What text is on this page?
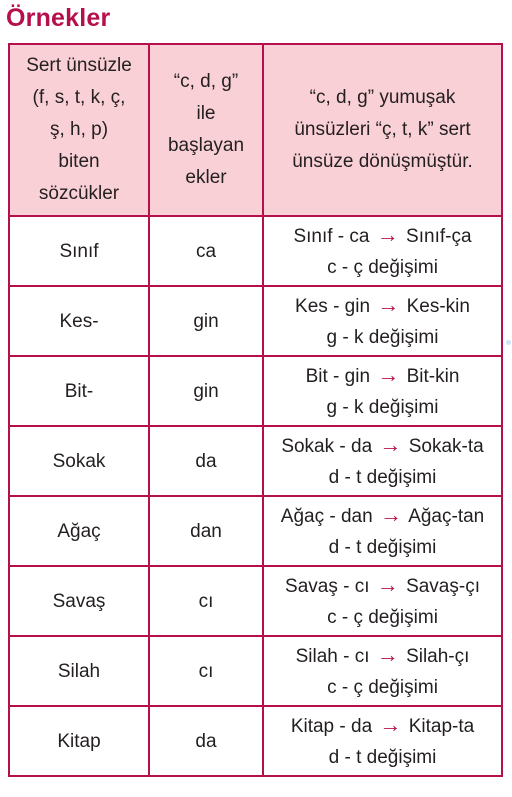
Örnekler
Sert ünsüzle
(f, s, t, k, ç,
ş, h, p)
biten
sözcükler	“c, d, g”
ile
başlayan
ekler	“c, d, g” yumuşak
ünsüzleri “ç, t, k” sert
ünsüze dönüşmüştür.

Sınıf	ca	Sınıf - ca → Sınıf-ça
c - ç değişimi

Kes-	gin	Kes - gin → Kes-kin
g - k değişimi

Bit-	gin	Bit - gin → Bit-kin
g - k değişimi

Sokak	da	Sokak - da → Sokak-ta
d - t değişimi

Ağaç	dan	Ağaç - dan → Ağaç-tan
d - t değişimi

Savaş	cı	Savaş - cı → Savaş-çı
c - ç değişimi

Silah	cı	Silah - cı → Silah-çı
c - ç değişimi

Kitap	da	Kitap - da → Kitap-ta
d - t değişimi
